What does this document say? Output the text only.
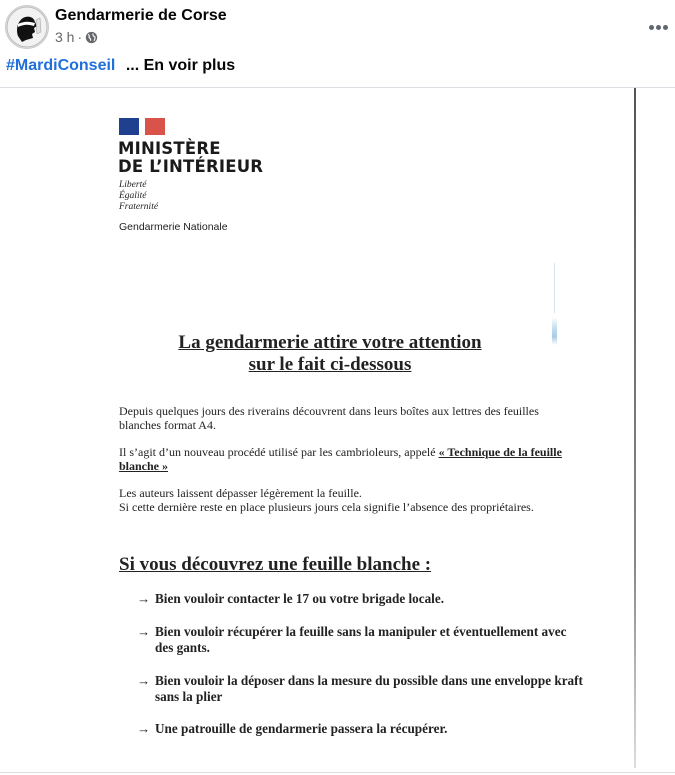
Gendarmerie de Corse
3 h ·
#MardiConseil ... En voir plus
MINISTÈRE
DE L’INTÉRIEUR
Liberté
Égalité
Fraternité
Gendarmerie Nationale
La gendarmerie attire votre attention
sur le fait ci-dessous
Depuis quelques jours des riverains découvrent dans leurs boîtes aux lettres des feuilles blanches format A4.
Il s’agit d’un nouveau procédé utilisé par les cambrioleurs, appelé « Technique de la feuille blanche »
Les auteurs laissent dépasser légèrement la feuille.
Si cette dernière reste en place plusieurs jours cela signifie l’absence des propriétaires.
Si vous découvrez une feuille blanche :
→ Bien vouloir contacter le 17 ou votre brigade locale.
→ Bien vouloir récupérer la feuille sans la manipuler et éventuellement avec des gants.
→ Bien vouloir la déposer dans la mesure du possible dans une enveloppe kraft sans la plier
→ Une patrouille de gendarmerie passera la récupérer.
